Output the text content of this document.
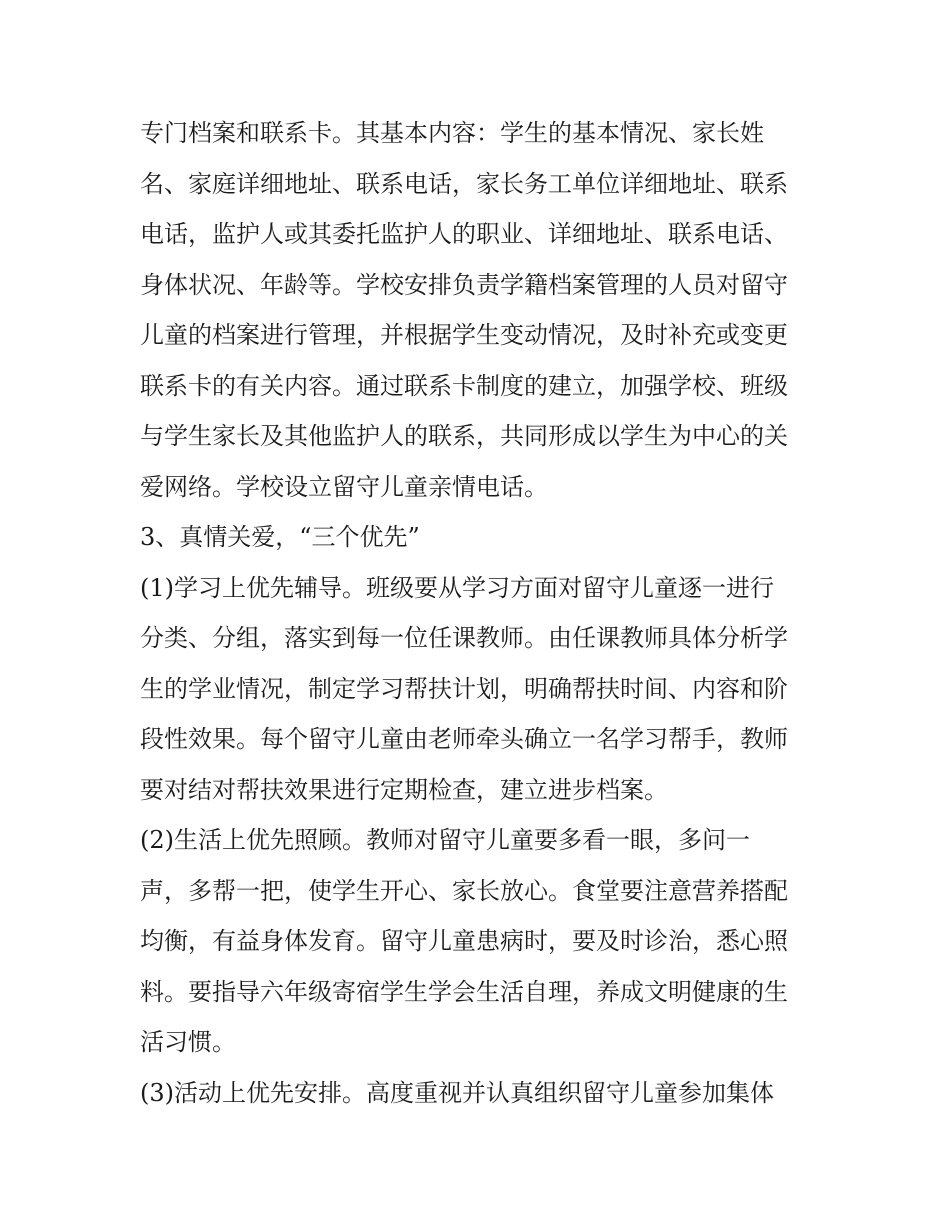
专门档案和联系卡。其基本内容：学生的基本情况、家长姓
名、家庭详细地址、联系电话，家长务工单位详细地址、联系
电话，监护人或其委托监护人的职业、详细地址、联系电话、
身体状况、年龄等。学校安排负责学籍档案管理的人员对留守
儿童的档案进行管理，并根据学生变动情况，及时补充或变更
联系卡的有关内容。通过联系卡制度的建立，加强学校、班级
与学生家长及其他监护人的联系，共同形成以学生为中心的关
爱网络。学校设立留守儿童亲情电话。
3、真情关爱，“三个优先”
(1)学习上优先辅导。班级要从学习方面对留守儿童逐一进行
分类、分组，落实到每一位任课教师。由任课教师具体分析学
生的学业情况，制定学习帮扶计划，明确帮扶时间、内容和阶
段性效果。每个留守儿童由老师牵头确立一名学习帮手，教师
要对结对帮扶效果进行定期检查，建立进步档案。
(2)生活上优先照顾。教师对留守儿童要多看一眼，多问一
声，多帮一把，使学生开心、家长放心。食堂要注意营养搭配
均衡，有益身体发育。留守儿童患病时，要及时诊治，悉心照
料。要指导六年级寄宿学生学会生活自理，养成文明健康的生
活习惯。
(3)活动上优先安排。高度重视并认真组织留守儿童参加集体
